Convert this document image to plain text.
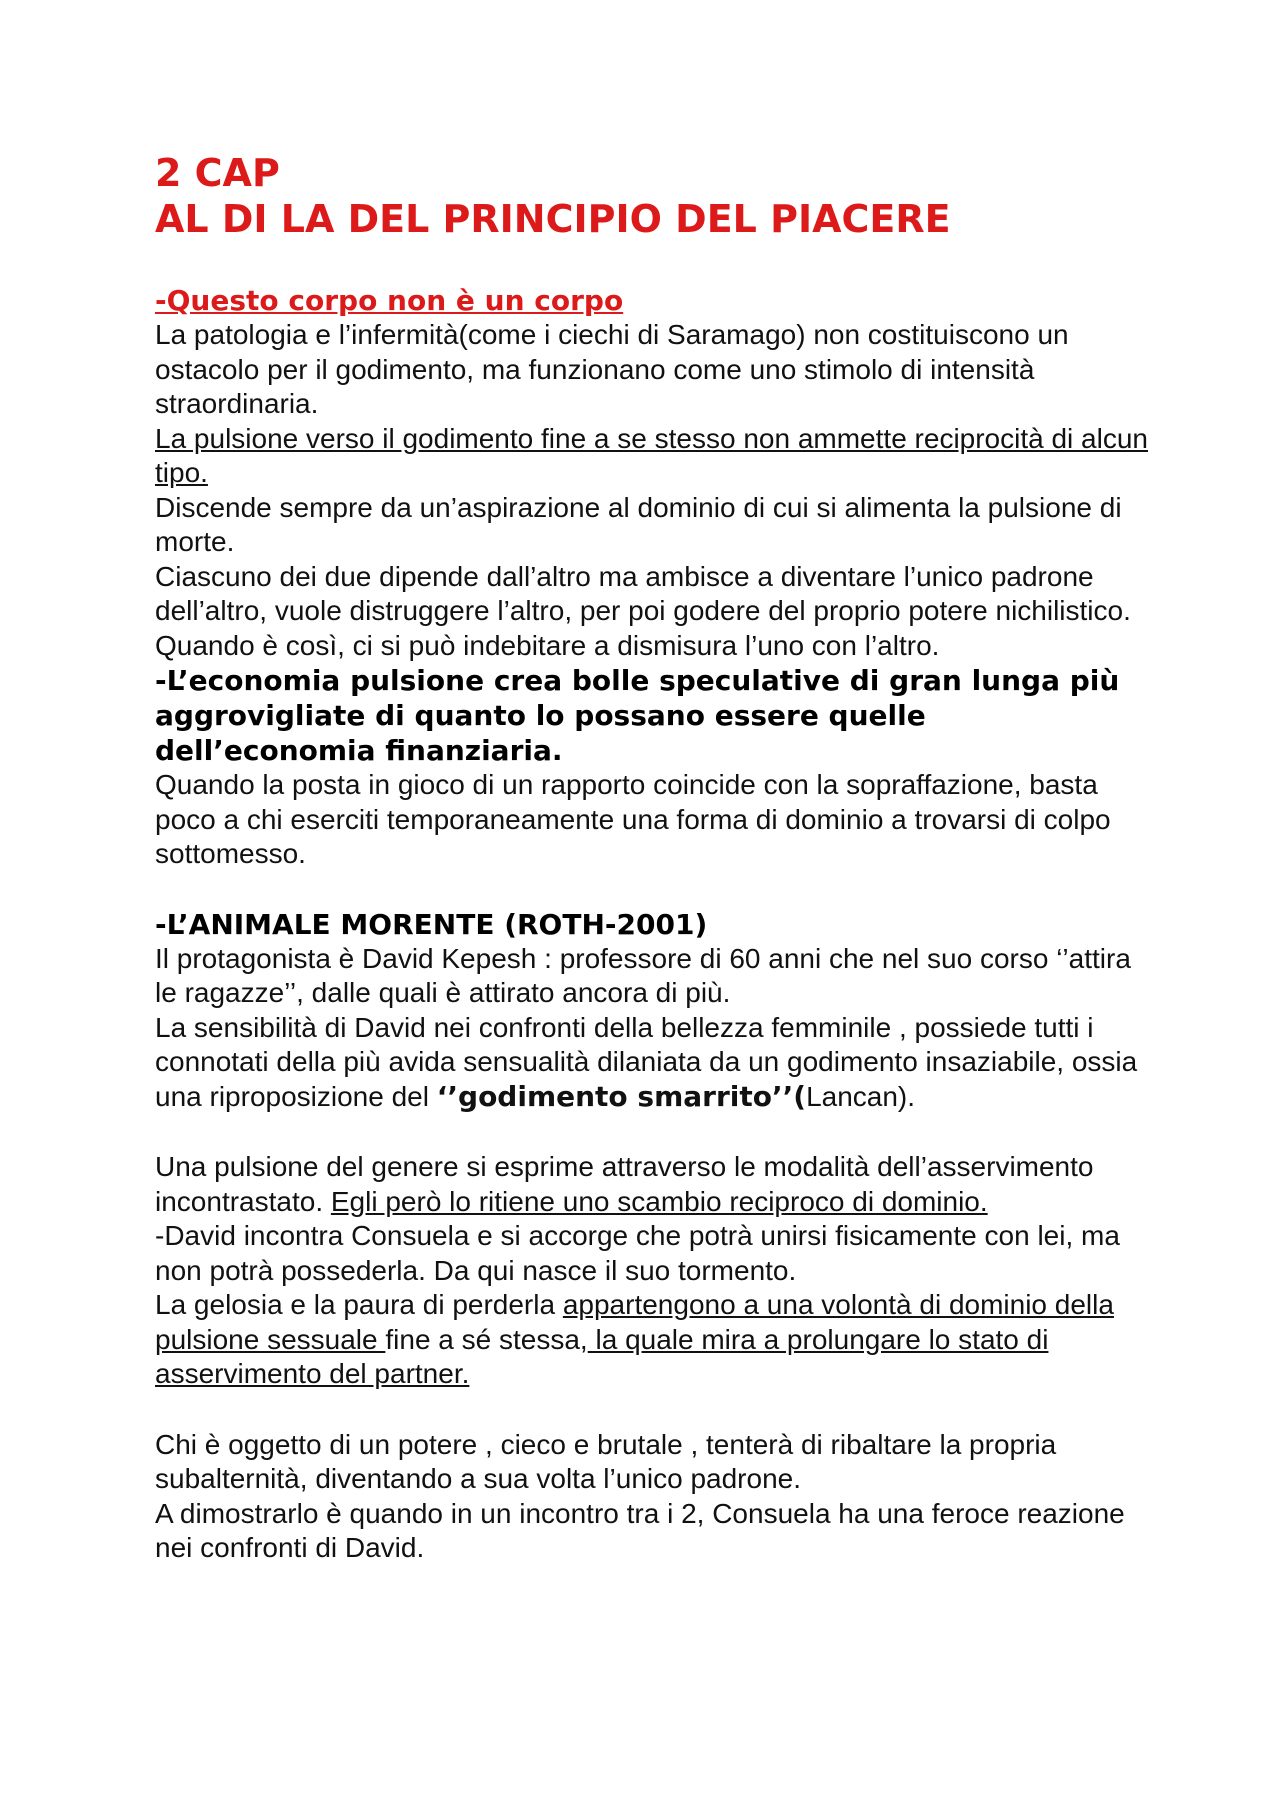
2 CAP
AL DI LA DEL PRINCIPIO DEL PIACERE
-Questo corpo non è un corpo

La patologia e l’infermità(come i ciechi di Saramago) non costituiscono un ostacolo per il godimento, ma funzionano come uno stimolo di intensità straordinaria.

La pulsione verso il godimento fine a se stesso non ammette reciprocità di alcun tipo.

Discende sempre da un’aspirazione al dominio di cui si alimenta la pulsione di morte.

Ciascuno dei due dipende dall’altro ma ambisce a diventare l’unico padrone dell’altro, vuole distruggere l’altro, per poi godere del proprio potere nichilistico.

Quando è così, ci si può indebitare a dismisura l’uno con l’altro.

-L’economia pulsione crea bolle speculative di gran lunga più aggrovigliate di quanto lo possano essere quelle dell’economia finanziaria.

Quando la posta in gioco di un rapporto coincide con la sopraffazione, basta poco a chi eserciti temporaneamente una forma di dominio a trovarsi di colpo sottomesso.

-L’ANIMALE MORENTE (ROTH-2001)

Il protagonista è David Kepesh : professore di 60 anni che nel suo corso ‘’attira le ragazze’’, dalle quali è attirato ancora di più.

La sensibilità di David nei confronti della bellezza femminile , possiede tutti i connotati della più avida sensualità dilaniata da un godimento insaziabile, ossia una riproposizione del ‘’godimento smarrito’’(Lancan).

Una pulsione del genere si esprime attraverso le modalità dell’asservimento incontrastato. Egli però lo ritiene uno scambio reciproco di dominio.

-David incontra Consuela e si accorge che potrà unirsi fisicamente con lei, ma non potrà possederla. Da qui nasce il suo tormento.

La gelosia e la paura di perderla appartengono a una volontà di dominio della pulsione sessuale fine a sé stessa, la quale mira a prolungare lo stato di asservimento del partner.

Chi è oggetto di un potere , cieco e brutale , tenterà di ribaltare la propria subalternità, diventando a sua volta l’unico padrone.

A dimostrarlo è quando in un incontro tra i 2, Consuela ha una feroce reazione nei confronti di David.
